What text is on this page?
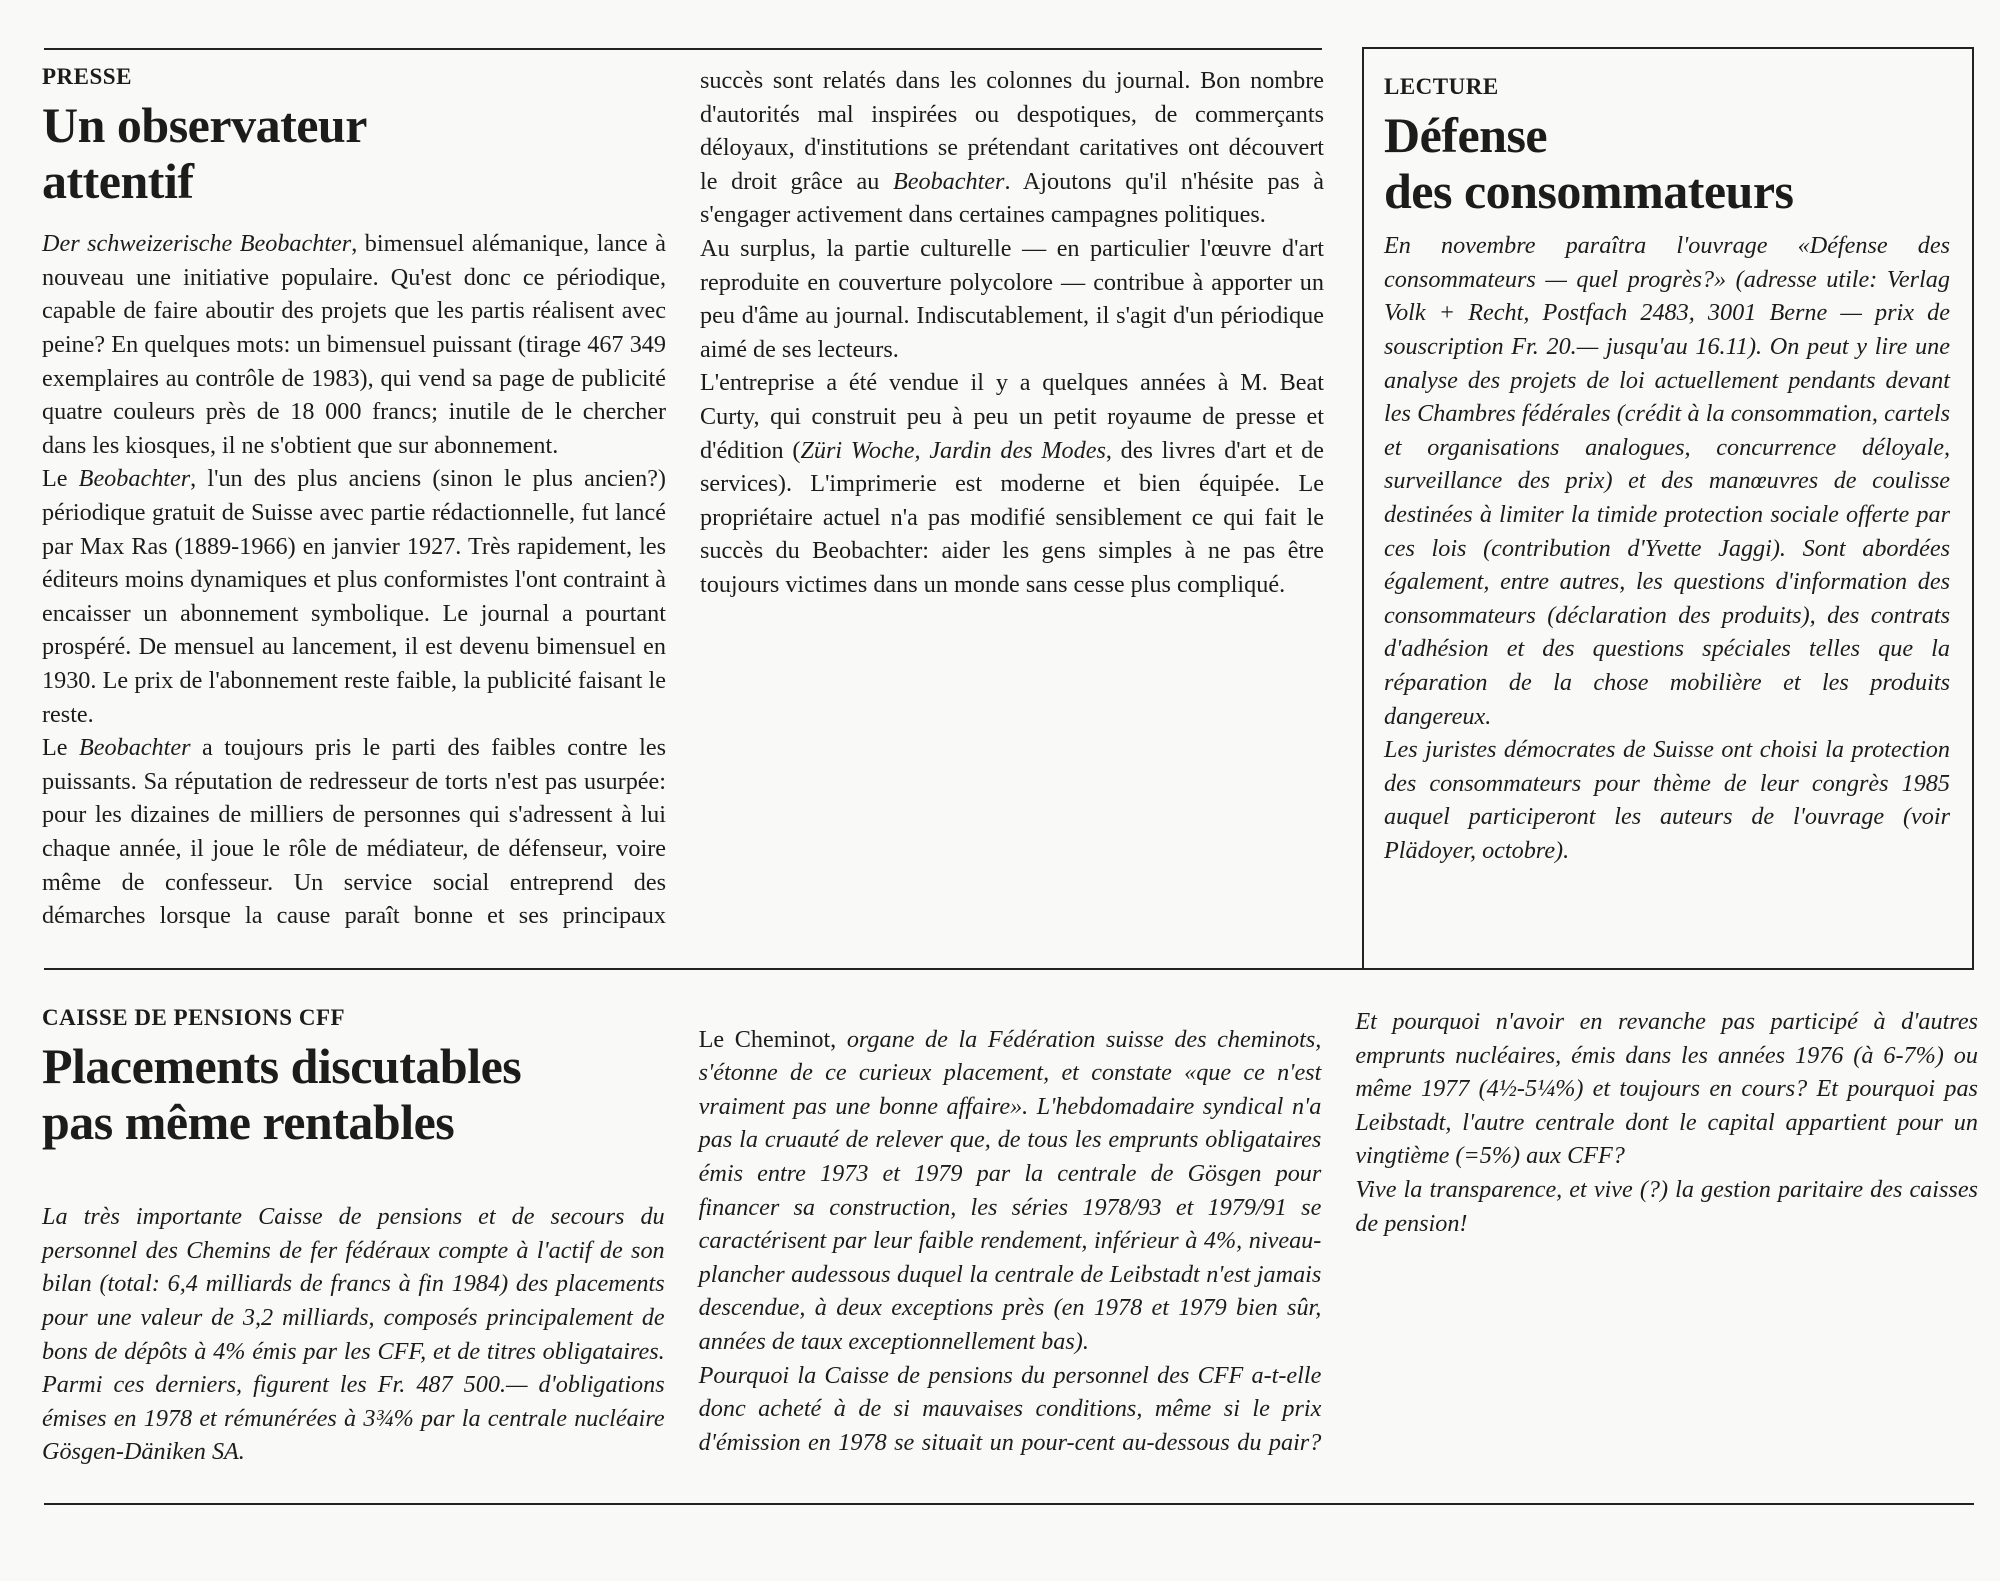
PRESSE
Un observateur
attentif

Der schweizerische Beobachter, bimensuel alémanique, lance à nouveau une initiative populaire. Qu'est donc ce périodique, capable de faire aboutir des projets que les partis réalisent avec peine? En quelques mots: un bimensuel puissant (tirage 467 349 exemplaires au contrôle de 1983), qui vend sa page de publicité quatre couleurs près de 18 000 francs; inutile de le chercher dans les kiosques, il ne s'obtient que sur abonnement.

Le Beobachter, l'un des plus anciens (sinon le plus ancien?) périodique gratuit de Suisse avec partie rédactionnelle, fut lancé par Max Ras (1889-1966) en janvier 1927. Très rapidement, les éditeurs moins dynamiques et plus conformistes l'ont contraint à encaisser un abonnement symbolique. Le journal a pourtant prospéré. De mensuel au lancement, il est devenu bimensuel en 1930. Le prix de l'abonnement reste faible, la publicité faisant le reste.

Le Beobachter a toujours pris le parti des faibles contre les puissants. Sa réputation de redresseur de torts n'est pas usurpée: pour les dizaines de milliers de personnes qui s'adressent à lui chaque année, il joue le rôle de médiateur, de défenseur, voire même de confesseur. Un service social entreprend des démarches lorsque la cause paraît bonne et ses principaux succès sont relatés dans les colonnes du journal. Bon nombre d'autorités mal inspirées ou despotiques, de commerçants déloyaux, d'institutions se prétendant caritatives ont découvert le droit grâce au Beobachter. Ajoutons qu'il n'hésite pas à s'engager activement dans certaines campagnes politiques.

Au surplus, la partie culturelle — en particulier l'œuvre d'art reproduite en couverture polycolore — contribue à apporter un peu d'âme au journal. Indiscutablement, il s'agit d'un périodique aimé de ses lecteurs.

L'entreprise a été vendue il y a quelques années à M. Beat Curty, qui construit peu à peu un petit royaume de presse et d'édition (Züri Woche, Jardin des Modes, des livres d'art et de services). L'imprimerie est moderne et bien équipée. Le propriétaire actuel n'a pas modifié sensiblement ce qui fait le succès du Beobachter: aider les gens simples à ne pas être toujours victimes dans un monde sans cesse plus compliqué.

LECTURE
Défense
des consommateurs

En novembre paraîtra l'ouvrage «Défense des consommateurs — quel progrès?» (adresse utile: Verlag Volk + Recht, Postfach 2483, 3001 Berne — prix de souscription Fr. 20.— jusqu'au 16.11). On peut y lire une analyse des projets de loi actuellement pendants devant les Chambres fédérales (crédit à la consommation, cartels et organisations analogues, concurrence déloyale, surveillance des prix) et des manœuvres de coulisse destinées à limiter la timide protection sociale offerte par ces lois (contribution d'Yvette Jaggi). Sont abordées également, entre autres, les questions d'information des consommateurs (déclaration des produits), des contrats d'adhésion et des questions spéciales telles que la réparation de la chose mobilière et les produits dangereux.

Les juristes démocrates de Suisse ont choisi la protection des consommateurs pour thème de leur congrès 1985 auquel participeront les auteurs de l'ouvrage (voir Plädoyer, octobre).

CAISSE DE PENSIONS CFF
Placements discutables
pas même rentables

La très importante Caisse de pensions et de secours du personnel des Chemins de fer fédéraux compte à l'actif de son bilan (total: 6,4 milliards de francs à fin 1984) des placements pour une valeur de 3,2 milliards, composés principalement de bons de dépôts à 4% émis par les CFF, et de titres obligataires. Parmi ces derniers, figurent les Fr. 487 500.— d'obligations émises en 1978 et rémunérées à 3¾% par la centrale nucléaire Gösgen-Däniken SA.

Le Cheminot, organe de la Fédération suisse des cheminots, s'étonne de ce curieux placement, et constate «que ce n'est vraiment pas une bonne affaire». L'hebdomadaire syndical n'a pas la cruauté de relever que, de tous les emprunts obligataires émis entre 1973 et 1979 par la centrale de Gösgen pour financer sa construction, les séries 1978/93 et 1979/91 se caractérisent par leur faible rendement, inférieur à 4%, niveau-plancher audessous duquel la centrale de Leibstadt n'est jamais descendue, à deux exceptions près (en 1978 et 1979 bien sûr, années de taux exceptionnellement bas).

Pourquoi la Caisse de pensions du personnel des CFF a-t-elle donc acheté à de si mauvaises conditions, même si le prix d'émission en 1978 se situait un pour-cent au-dessous du pair? Et pourquoi n'avoir en revanche pas participé à d'autres emprunts nucléaires, émis dans les années 1976 (à 6-7%) ou même 1977 (4½-5¼%) et toujours en cours? Et pourquoi pas Leibstadt, l'autre centrale dont le capital appartient pour un vingtième (=5%) aux CFF?

Vive la transparence, et vive (?) la gestion paritaire des caisses de pension!
